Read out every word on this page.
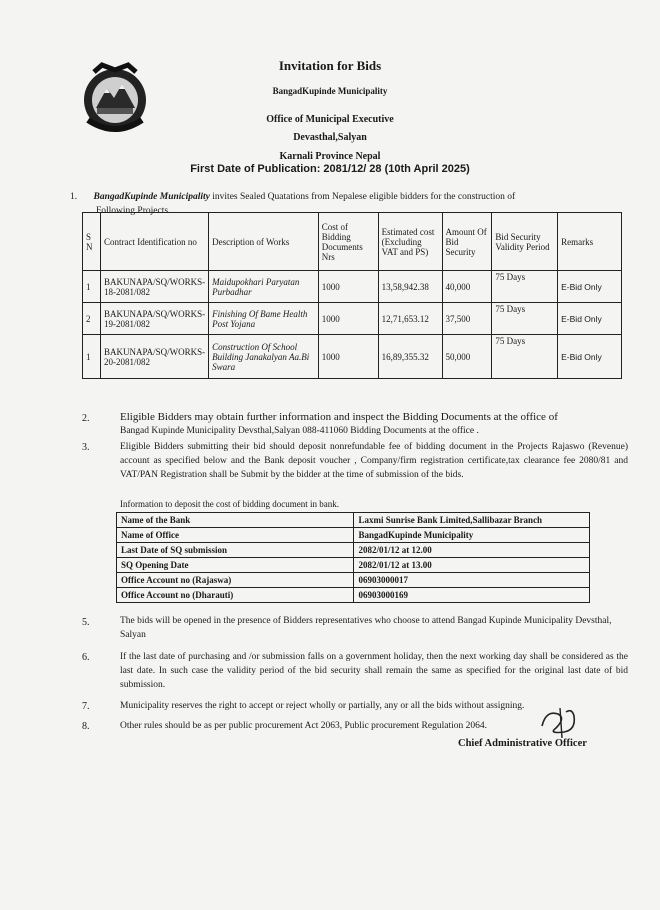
Invitation for Bids
BangadKupinde Municipality
Office of Municipal Executive
Devasthal,Salyan
Karnali Province Nepal
First Date of Publication: 2081/12/ 28 (10th April 2025)
1. BangadKupinde Municipality invites Sealed Quatations from Nepalese eligible bidders for the construction of
Following Projects.
S N	Contract Identification no	Description of Works	Cost of Bidding Documents Nrs	Estimated cost (Excluding VAT and PS)	Amount Of Bid Security	Bid Security Validity Period	Remarks
1	BAKUNAPA/SQ/WORKS-18-2081/082	Maidupokhari Paryatan Purbadhar	1000	13,58,942.38	40,000	75 Days	E-Bid Only
2	BAKUNAPA/SQ/WORKS-19-2081/082	Finishing Of Bame Health Post Yojana	1000	12,71,653.12	37,500	75 Days	E-Bid Only
1	BAKUNAPA/SQ/WORKS-20-2081/082	Construction Of School Building Janakalyan Aa.Bi Swara	1000	16,89,355.32	50,000	75 Days	E-Bid Only
2.	Eligible Bidders may obtain further information and inspect the Bidding Documents at the office of
Bangad Kupinde Municipality Devsthal,Salyan 088-411060 Bidding Documents at the office .
3.	Eligible Bidders submitting their bid should deposit nonrefundable fee of bidding document in the Projects Rajaswo (Revenue) account as specified below and the Bank deposit voucher , Company/firm registration certificate,tax clearance fee 2080/81 and VAT/PAN Registration shall be Submit by the bidder at the time of submission of the bids.
Information to deposit the cost of bidding document in bank.
Name of the Bank	Laxmi Sunrise Bank Limited,Sallibazar Branch
Name of Office	BangadKupinde Municipality
Last Date of SQ submission	2082/01/12 at 12.00
SQ Opening Date	2082/01/12 at 13.00
Office Account no (Rajaswa)	06903000017
Office Account no (Dharauti)	06903000169
5.	The bids will be opened in the presence of Bidders representatives who choose to attend Bangad Kupinde Municipality Devsthal, Salyan
6.	If the last date of purchasing and /or submission falls on a government holiday, then the next working day shall be considered as the last date. In such case the validity period of the bid security shall remain the same as specified for the original last date of bid submission.
7.	Municipality reserves the right to accept or reject wholly or partially, any or all the bids without assigning.
8.	Other rules should be as per public procurement Act 2063, Public procurement Regulation 2064.
Chief Administrative Officer
